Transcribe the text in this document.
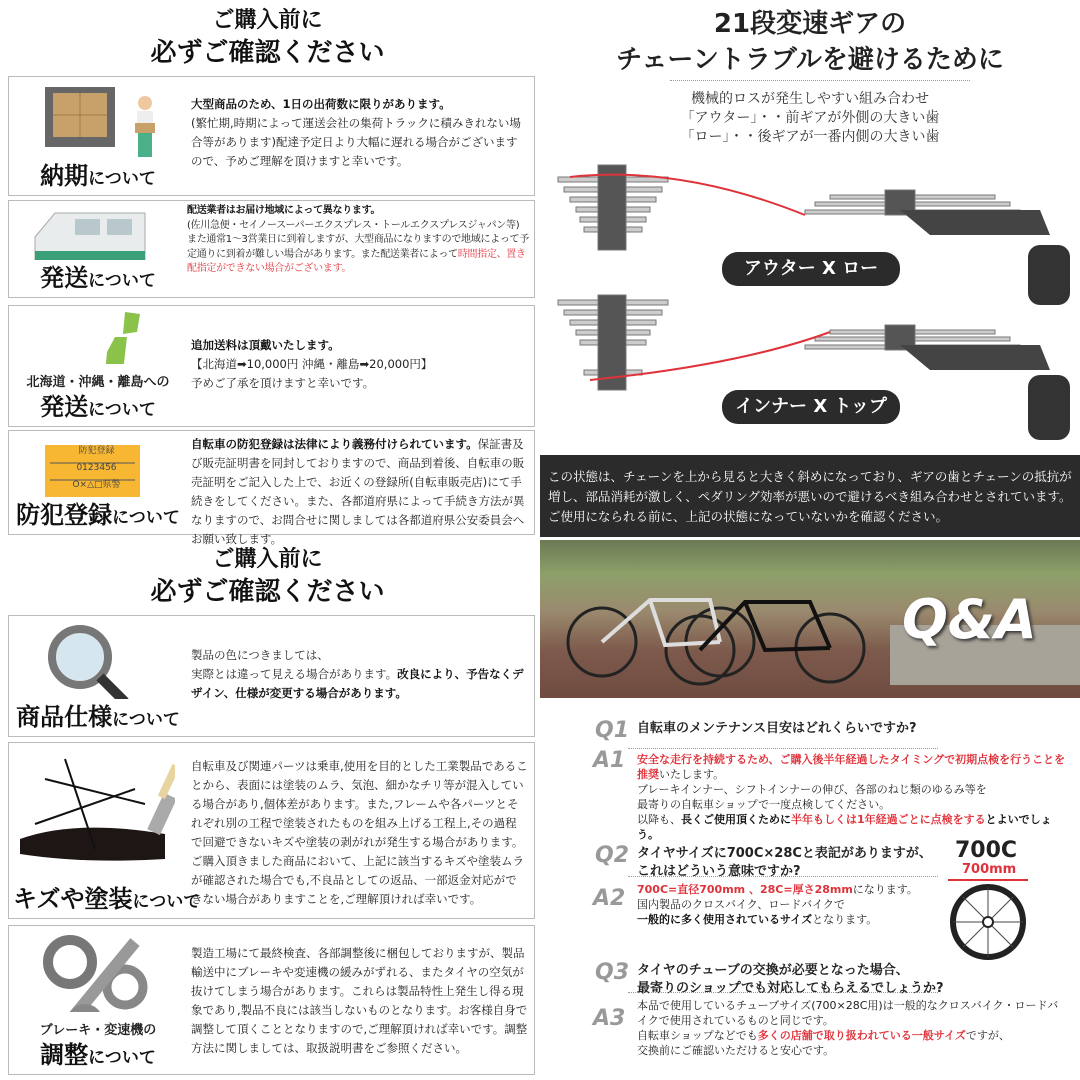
ご購入前に
必ずご確認ください
ご購入前に
必ずご確認ください
納期について
大型商品のため、1日の出荷数に限りがあります。
(繁忙期,時期によって運送会社の集荷トラックに積みきれない場合等があります)配達予定日より大幅に遅れる場合がございますので、予めご理解を頂けますと幸いです。
発送について
配送業者はお届け地域によって異なります。
(佐川急便・セイノースーパーエクスプレス・トールエクスプレスジャパン等)
また通常1〜3営業日に到着しますが、大型商品になりますので地域によって予定通りに到着が難しい場合があります。また配送業者によって時間指定、置き配指定ができない場合がございます。
北海道・沖縄・離島への
発送について
追加送料は頂戴いたします。
【北海道➡10,000円 沖縄・離島➡20,000円】
予めご了承を頂けますと幸いです。
防犯登録
0123456
O×△□県警
防犯登録について
自転車の防犯登録は法律により義務付けられています。保証書及び販売証明書を同封しておりますので、商品到着後、自転車の販売証明をご記入した上で、お近くの登録所(自転車販売店)にて手続きをしてください。また、各都道府県によって手続き方法が異なりますので、お問合せに関しましては各都道府県公安委員会へお願い致します。
商品仕様について
製品の色につきましては、
実際とは違って見える場合があります。改良により、予告なくデザイン、仕様が変更する場合があります。
キズや塗装について
自転車及び関連パーツは乗車,使用を目的とした工業製品であることから、表面には塗装のムラ、気泡、細かなチリ等が混入している場合があり,個体差があります。また,フレームや各パーツとそれぞれ別の工程で塗装されたものを組み上げる工程上,その過程で回避できないキズや塗装の剥がれが発生する場合があります。ご購入頂きました商品において、上記に該当するキズや塗装ムラが確認された場合でも,不良品としての返品、一部返金対応ができない場合がありますことを,ご理解頂ければ幸いです。
ブレーキ・変速機の
調整について
製造工場にて最終検査、各部調整後に梱包しておりますが、製品輸送中にブレーキや変速機の緩みがずれる、またタイヤの空気が抜けてしまう場合があります。これらは製品特性上発生し得る現象であり,製品不良には該当しないものとなります。お客様自身で調整して頂くこととなりますので,ご理解頂ければ幸いです。調整方法に関しましては、取扱説明書をご参照ください。
21段変速ギアの
チェーントラブルを避けるために
機械的ロスが発生しやすい組み合わせ
「アウター」・・前ギアが外側の大きい歯
「ロー」・・後ギアが一番内側の大きい歯
アウター X ロー
インナー X トップ
この状態は、チェーンを上から見ると大きく斜めになっており、ギアの歯とチェーンの抵抗が増し、部品消耗が激しく、ペダリング効率が悪いので避けるべき組み合わせとされています。ご使用になられる前に、上記の状態になっていないかを確認ください。
Q&A
Q1 自転車のメンテナンス目安はどれくらいですか?
A1 安全な走行を持続するため、ご購入後半年経過したタイミングで初期点検を行うことを推奨いたします。
ブレーキインナー、シフトインナーの伸び、各部のねじ類のゆるみ等を
最寄りの自転車ショップで一度点検してください。
以降も、長くご使用頂くために半年もしくは1年経過ごとに点検をするとよいでしょう。
Q2 タイヤサイズに700C×28Cと表記がありますが、
これはどういう意味ですか?
A2 700C=直径700mm 、28C=厚さ28mmになります。
国内製品のクロスバイク、ロードバイクで
一般的に多く使用されているサイズとなります。
Q3 タイヤのチューブの交換が必要となった場合、
最寄りのショップでも対応してもらえるでしょうか?
A3
本品で使用しているチューブサイズ(700×28C用)は一般的なクロスバイク・ロードバイクで使用されているものと同じです。
自転車ショップなどでも多くの店舗で取り扱われている一般サイズですが、
交換前にご確認いただけると安心です。
700C
700mm
